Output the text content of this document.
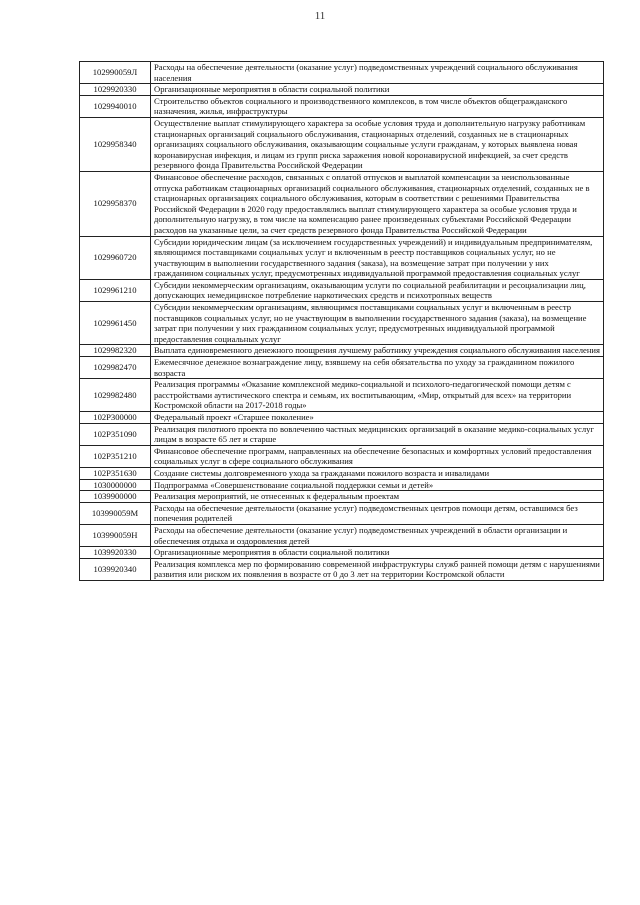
11
102990059Л	Расходы на обеспечение деятельности (оказание услуг) подведомственных учреждений социального обслуживания населения
1029920330	Организационные мероприятия в области социальной политики
1029940010	Строительство объектов социального и производственного комплексов, в том числе объектов общегражданского назначения, жилья, инфраструктуры
1029958340	Осуществление выплат стимулирующего характера за особые условия труда и дополнительную нагрузку работникам стационарных организаций социального обслуживания, стационарных отделений, созданных не в стационарных организациях социального обслуживания, оказывающим социальные услуги гражданам, у которых выявлена новая коронавирусная инфекция, и лицам из групп риска заражения новой коронавирусной инфекцией, за счет средств резервного фонда Правительства Российской Федерации
1029958370	Финансовое обеспечение расходов, связанных с оплатой отпусков и выплатой компенсации за неиспользованные отпуска работникам стационарных организаций социального обслуживания, стационарных отделений, созданных не в стационарных организациях социального обслуживания, которым в соответствии с решениями Правительства Российской Федерации в 2020 году предоставлялись выплат стимулирующего характера за особые условия труда и дополнительную нагрузку, в том числе на компенсацию ранее произведенных субъектами Российской Федерации расходов на указанные цели, за счет средств резервного фонда Правительства Российской Федерации
1029960720	Субсидии юридическим лицам (за исключением государственных учреждений) и индивидуальным предпринимателям, являющимся поставщиками социальных услуг и включенным в реестр поставщиков социальных услуг, но не участвующим в выполнении государственного задания (заказа), на возмещение затрат при получении у них гражданином социальных услуг, предусмотренных индивидуальной программой предоставления социальных услуг
1029961210	Субсидии некоммерческим организациям, оказывающим услуги по социальной реабилитации и ресоциализации лиц, допускающих немедицинское потребление наркотических средств и психотропных веществ
1029961450	Субсидии некоммерческим организациям, являющимся поставщиками социальных услуг и включенным в реестр поставщиков социальных услуг, но не участвующим в выполнении государственного задания (заказа), на возмещение затрат при получении у них гражданином социальных услуг, предусмотренных индивидуальной программой предоставления социальных услуг
1029982320	Выплата единовременного денежного поощрения лучшему работнику учреждения социального обслуживания населения
1029982470	Ежемесячное денежное вознаграждение лицу, взявшему на себя обязательства по уходу за гражданином пожилого возраста
1029982480	Реализация программы «Оказание комплексной медико-социальной и психолого-педагогической помощи детям с расстройствами аутистического спектра и семьям, их воспитывающим, «Мир, открытый для всех» на территории Костромской области на 2017-2018 годы»
102Р300000	Федеральный проект «Старшее поколение»
102Р351090	Реализация пилотного проекта по вовлечению частных медицинских организаций в оказание медико-социальных услуг лицам в возрасте 65 лет и старше
102Р351210	Финансовое обеспечение программ, направленных на обеспечение безопасных и комфортных условий предоставления социальных услуг в сфере социального обслуживания
102Р351630	Создание системы долговременного ухода за гражданами пожилого возраста и инвалидами
1030000000	Подпрограмма «Совершенствование социальной поддержки семьи и детей»
1039900000	Реализация мероприятий, не отнесенных к федеральным проектам
103990059М	Расходы на обеспечение деятельности (оказание услуг) подведомственных центров помощи детям, оставшимся без попечения родителей
103990059Н	Расходы на обеспечение деятельности (оказание услуг) подведомственных учреждений в области организации и обеспечения отдыха и оздоровления детей
1039920330	Организационные мероприятия в области социальной политики
1039920340	Реализация комплекса мер по формированию современной инфраструктуры служб ранней помощи детям с нарушениями развития или риском их появления в возрасте от 0 до 3 лет на территории Костромской области
